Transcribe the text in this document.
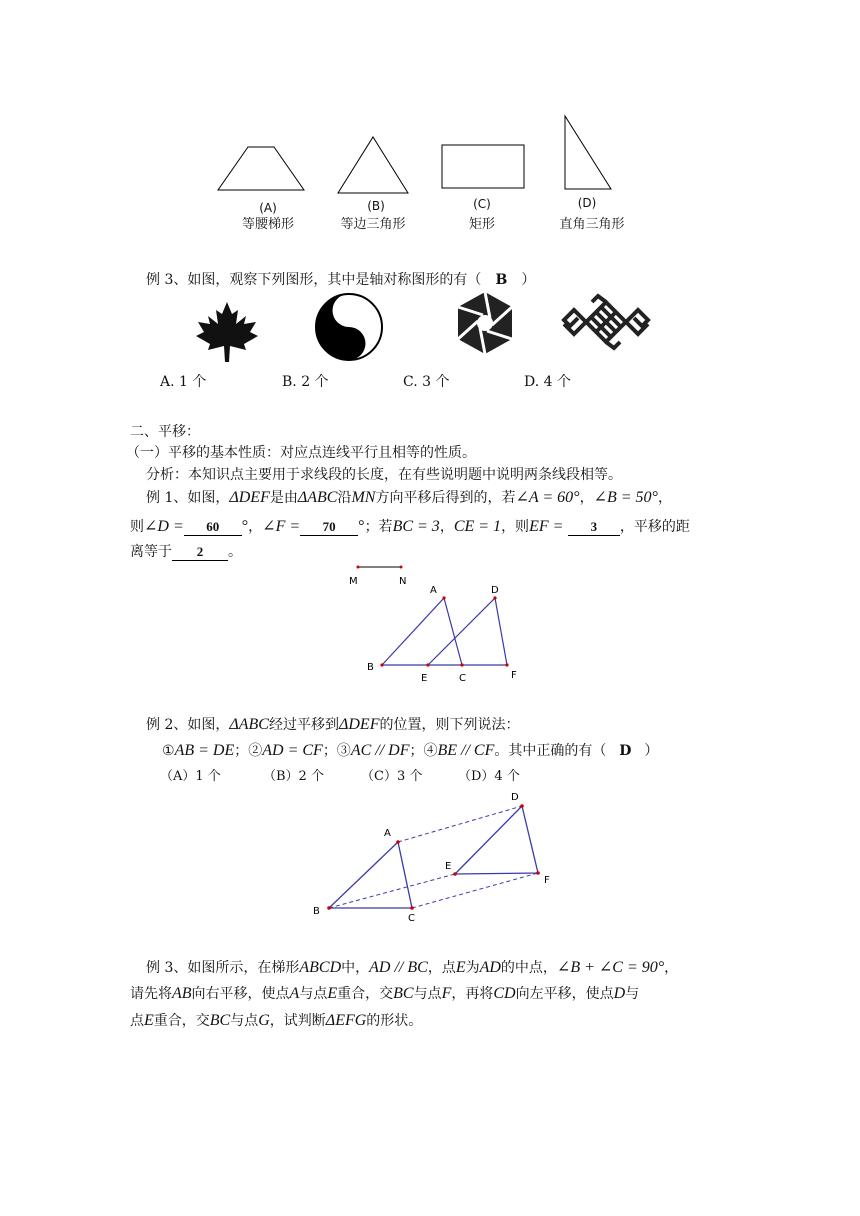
(A)	(B)	(C)	(D)
等腰梯形	等边三角形	矩形	直角三角形
例 3、如图，观察下列图形，其中是轴对称图形的有（ B ）
A. 1 个	B. 2 个	C. 3 个	D. 4 个
二、平移：
（一）平移的基本性质：对应点连线平行且相等的性质。
分析：本知识点主要用于求线段的长度，在有些说明题中说明两条线段相等。
例 1、如图，ΔDEF是由ΔABC沿MN方向平移后得到的，若∠A = 60°，∠B = 50°，
则∠D = 60 °，∠F = 70 °；若BC = 3，CE = 1，则EF = 3 ，平移的距
离等于 2 。
M	N
A	D
B
E	C	F
例 2、如图，ΔABC经过平移到ΔDEF的位置，则下列说法：
①AB = DE；②AD = CF；③AC // DF；④BE // CF。其中正确的有（ D ）
（A）1 个	（B）2 个	（C）3 个	（D）4 个
A
B
C
D
E
F
例 3、如图所示，在梯形ABCD中，AD // BC，点E为AD的中点，∠B + ∠C = 90°，
请先将AB向右平移，使点A与点E重合，交BC与点F，再将CD向左平移，使点D与
点E重合，交BC与点G，试判断ΔEFG的形状。
